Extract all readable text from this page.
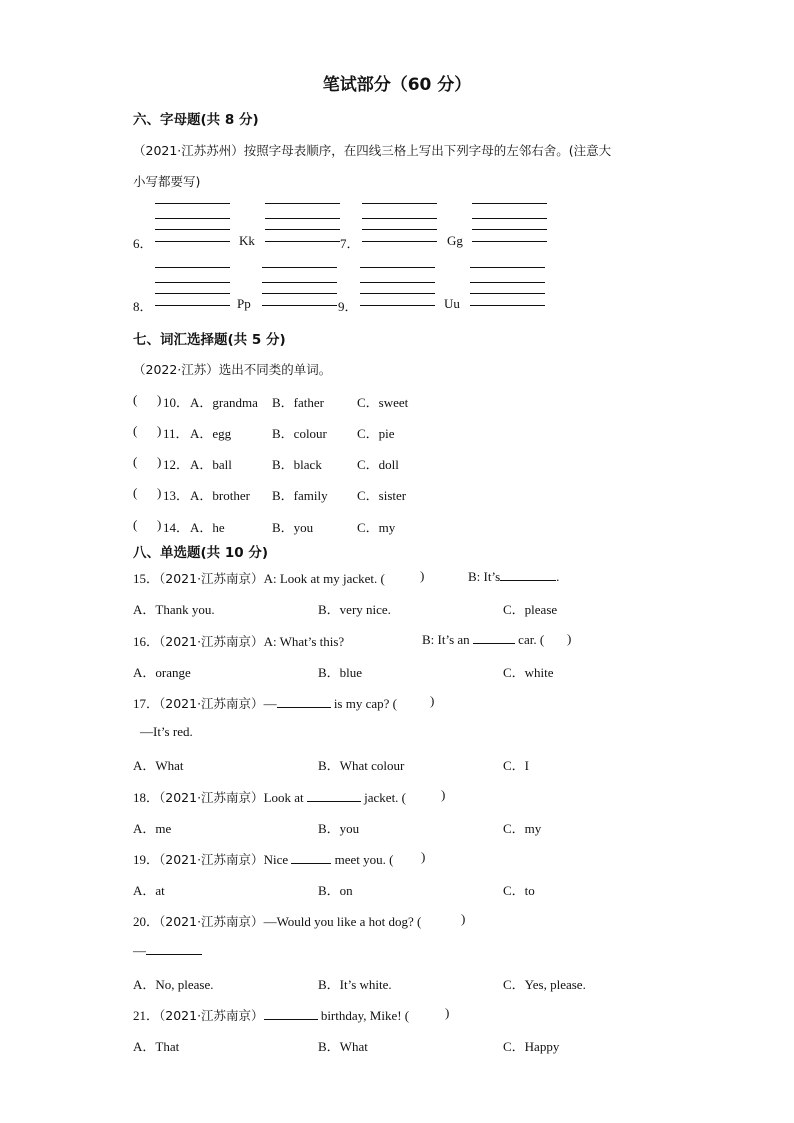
笔试部分（60 分）
六、字母题(共 8 分)
（2021·江苏苏州）按照字母表顺序，在四线三格上写出下列字母的左邻右舍。(注意大
小写都要写)
6．	Kk	7．	Gg
8．	Pp	9．	Uu
七、词汇选择题(共 5 分)
（2022·江苏）选出不同类的单词。
( ) 10． A．grandma B．father	C．sweet
( ) 11． A．egg	B．colour C．pie
( ) 12． A．ball	B．black	C．doll
( ) 13． A．brother B．family C．sister
( ) 14． A．he	B．you	C．my
八、单选题(共 10 分)
15．（2021·江苏南京）A: Look at my jacket. (	)	B: It’s	.
A．Thank you.	B．very nice.	C．please
16．（2021·江苏南京）A: What’s this?	B: It’s an	car. ( )
A．orange	B．blue	C．white
17．（2021·江苏南京）—	is my cap? (	)
—It’s red.
A．What	B．What colour	C．I
18．（2021·江苏南京）Look at	jacket. (	)
A．me	B．you	C．my
19．（2021·江苏南京）Nice	meet you. ( )
A．at	B．on	C．to
20．（2021·江苏南京）—Would you like a hot dog? (	)
—
A．No, please.	B．It’s white.	C．Yes, please.
21．（2021·江苏南京）	birthday, Mike! (	)
A．That	B．What	C．Happy
